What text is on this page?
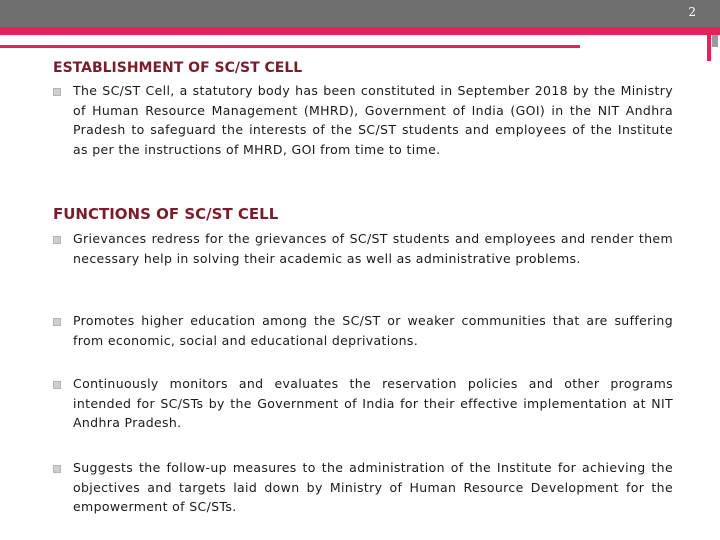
2
ESTABLISHMENT OF SC/ST CELL
The SC/ST Cell, a statutory body has been constituted in September 2018 by the Ministry of Human Resource Management (MHRD), Government of India (GOI) in the NIT Andhra Pradesh to safeguard the interests of the SC/ST students and employees of the Institute as per the instructions of MHRD, GOI from time to time.
FUNCTIONS OF SC/ST CELL
Grievances redress for the grievances of SC/ST students and employees and render them necessary help in solving their academic as well as administrative problems.
Promotes higher education among the SC/ST or weaker communities that are suffering from economic, social and educational deprivations.
Continuously monitors and evaluates the reservation policies and other programs intended for SC/STs by the Government of India for their effective implementation at NIT Andhra Pradesh.
Suggests the follow-up measures to the administration of the Institute for achieving the objectives and targets laid down by Ministry of Human Resource Development for the empowerment of SC/STs.
